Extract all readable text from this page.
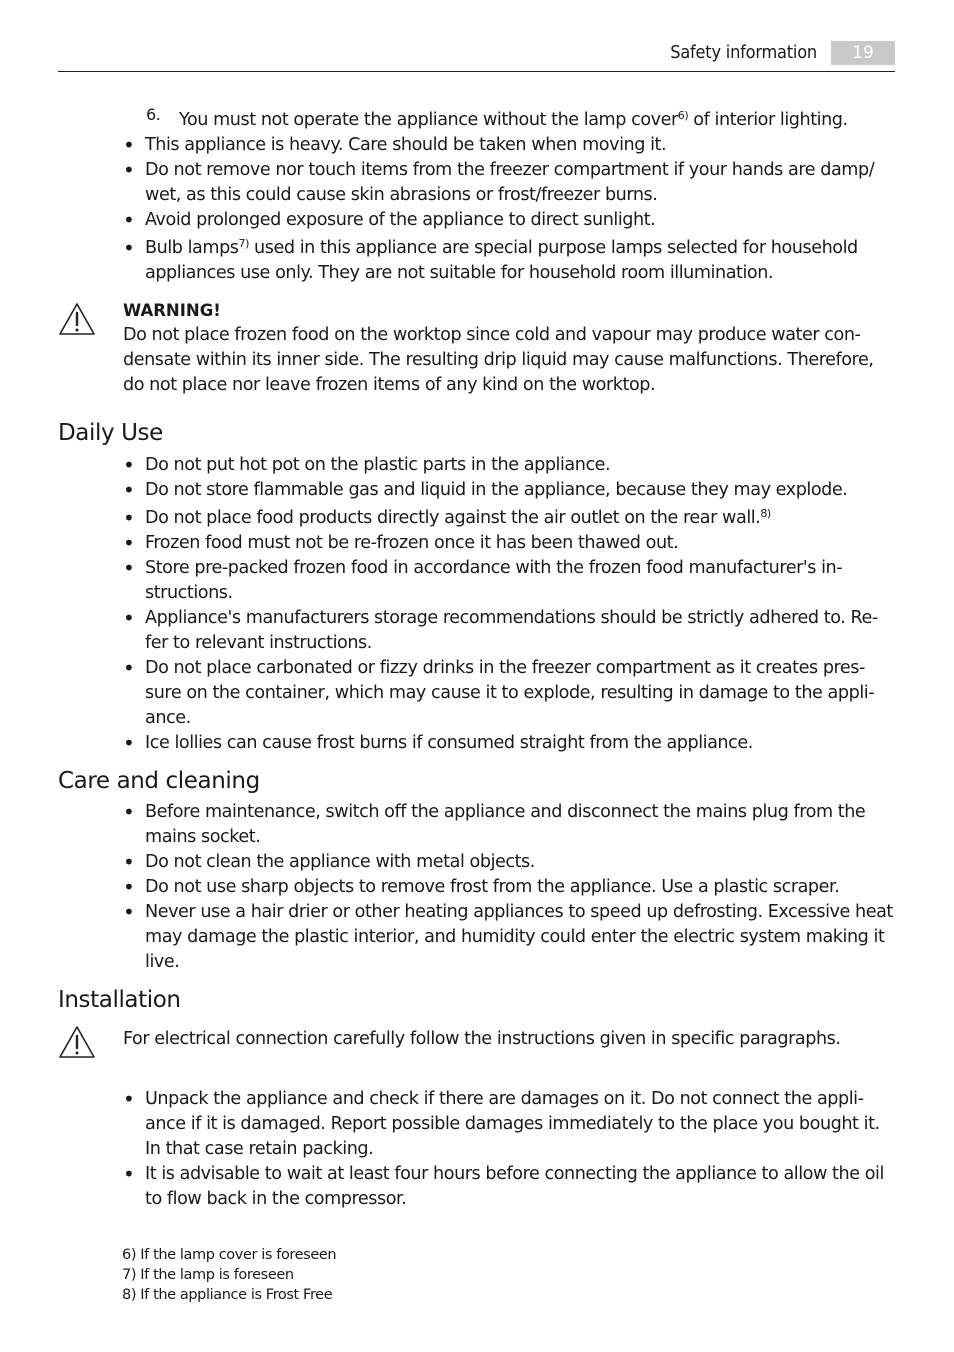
Safety information	19
6.	You must not operate the appliance without the lamp cover$^{6)}$ of interior lighting.
• This appliance is heavy. Care should be taken when moving it.
• Do not remove nor touch items from the freezer compartment if your hands are damp/ wet, as this could cause skin abrasions or frost/freezer burns.
• Avoid prolonged exposure of the appliance to direct sunlight.
• Bulb lamps$^{7)}$ used in this appliance are special purpose lamps selected for household appliances use only. They are not suitable for household room illumination.
WARNING!
Do not place frozen food on the worktop since cold and vapour may produce water con- densate within its inner side. The resulting drip liquid may cause malfunctions. Therefore, do not place nor leave frozen items of any kind on the worktop.
Daily Use
• Do not put hot pot on the plastic parts in the appliance.
• Do not store flammable gas and liquid in the appliance, because they may explode.
• Do not place food products directly against the air outlet on the rear wall.$^{8)}$
• Frozen food must not be re-frozen once it has been thawed out.
• Store pre-packed frozen food in accordance with the frozen food manufacturer's in- structions.
• Appliance's manufacturers storage recommendations should be strictly adhered to. Re- fer to relevant instructions.
• Do not place carbonated or fizzy drinks in the freezer compartment as it creates pres- sure on the container, which may cause it to explode, resulting in damage to the appli- ance.
• Ice lollies can cause frost burns if consumed straight from the appliance.
Care and cleaning
• Before maintenance, switch off the appliance and disconnect the mains plug from the mains socket.
• Do not clean the appliance with metal objects.
• Do not use sharp objects to remove frost from the appliance. Use a plastic scraper.
• Never use a hair drier or other heating appliances to speed up defrosting. Excessive heat may damage the plastic interior, and humidity could enter the electric system making it live.
Installation
For electrical connection carefully follow the instructions given in specific paragraphs.
• Unpack the appliance and check if there are damages on it. Do not connect the appli- ance if it is damaged. Report possible damages immediately to the place you bought it. In that case retain packing.
• It is advisable to wait at least four hours before connecting the appliance to allow the oil to flow back in the compressor.
6) If the lamp cover is foreseen
7) If the lamp is foreseen
8) If the appliance is Frost Free
